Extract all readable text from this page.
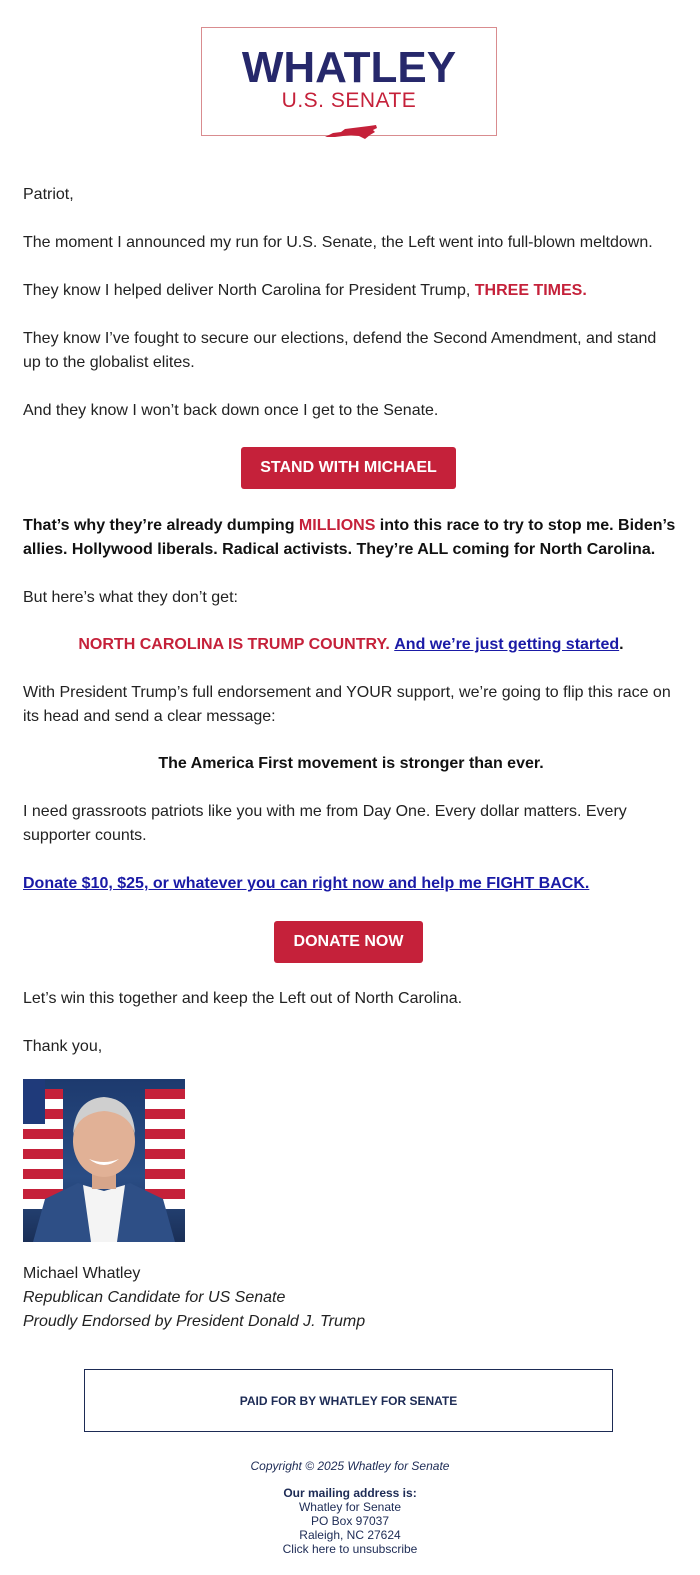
WHATLEY
U.S. SENATE

Patriot,

The moment I announced my run for U.S. Senate, the Left went into full-blown meltdown.

They know I helped deliver North Carolina for President Trump, THREE TIMES.

They know I’ve fought to secure our elections, defend the Second Amendment, and stand
up to the globalist elites.

And they know I won’t back down once I get to the Senate.

STAND WITH MICHAEL

That’s why they’re already dumping MILLIONS into this race to try to stop me. Biden’s
allies. Hollywood liberals. Radical activists. They’re ALL coming for North Carolina.

But here’s what they don’t get:

NORTH CAROLINA IS TRUMP COUNTRY. And we’re just getting started.

With President Trump’s full endorsement and YOUR support, we’re going to flip this race on
its head and send a clear message:

The America First movement is stronger than ever.

I need grassroots patriots like you with me from Day One. Every dollar matters. Every
supporter counts.

Donate $10, $25, or whatever you can right now and help me FIGHT BACK.

DONATE NOW

Let’s win this together and keep the Left out of North Carolina.

Thank you,

Michael Whatley

Republican Candidate for US Senate

Proudly Endorsed by President Donald J. Trump

PAID FOR BY WHATLEY FOR SENATE
Copyright © 2025 Whatley for Senate
Our mailing address is:
Whatley for Senate
PO Box 97037
Raleigh, NC 27624
Click here to unsubscribe
